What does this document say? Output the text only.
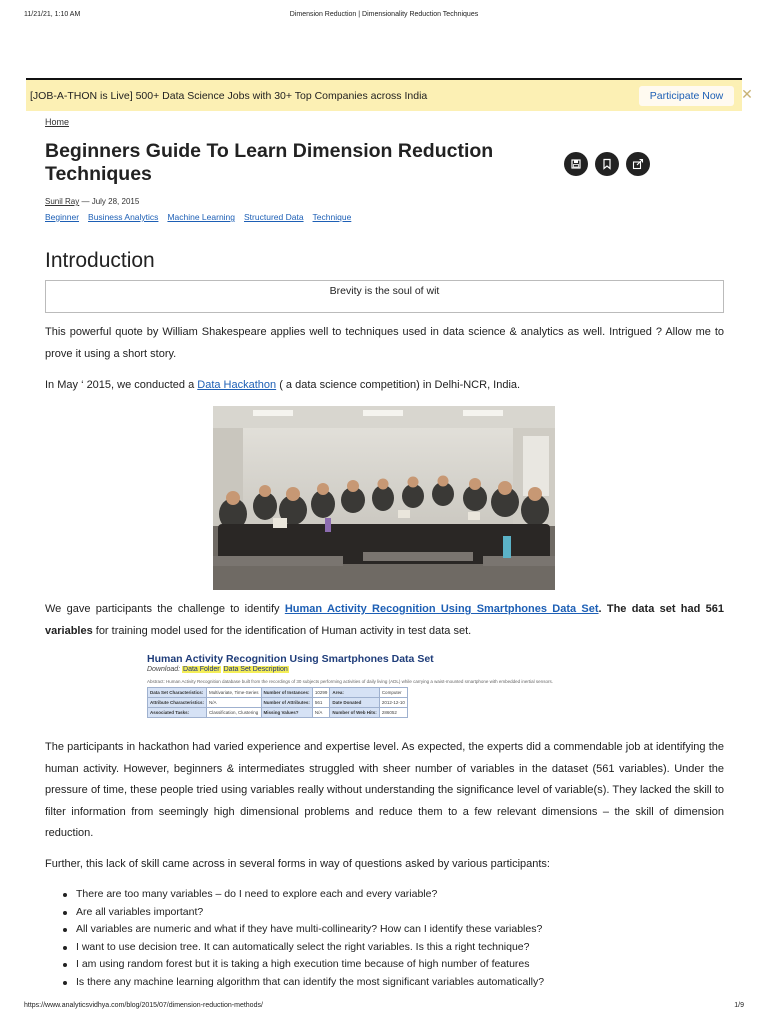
11/21/21, 1:10 AM	Dimension Reduction | Dimensionality Reduction Techniques
[JOB-A-THON is Live] 500+ Data Science Jobs with 30+ Top Companies across India	Participate Now	✕
Home
Beginners Guide To Learn Dimension Reduction Techniques
Sunil Ray — July 28, 2015
Beginner Business Analytics Machine Learning Structured Data Technique
Introduction
Brevity is the soul of wit

This powerful quote by William Shakespeare applies well to techniques used in data science & analytics as well. Intrigued ? Allow me to prove it using a short story.

In May ‘ 2015, we conducted a Data Hackathon ( a data science competition) in Delhi-NCR, India.

We gave participants the challenge to identify Human Activity Recognition Using Smartphones Data Set. The data set had 561 variables for training model used for the identification of Human activity in test data set.

Human Activity Recognition Using Smartphones Data Set
Download: Data Folder Data Set Description
Abstract: Human Activity Recognition database built from the recordings of 30 subjects performing activities of daily living (ADL) while carrying a waist-mounted smartphone with embedded inertial sensors.
Data Set Characteristics:	Multivariate, Time-Series	Number of Instances:	10299	Area:	Computer
Attribute Characteristics:	N/A	Number of Attributes:	561	Date Donated	2012-12-10
Associated Tasks:	Classification, Clustering	Missing Values?	N/A	Number of Web Hits:	286052

The participants in hackathon had varied experience and expertise level. As expected, the experts did a commendable job at identifying the human activity. However, beginners & intermediates struggled with sheer number of variables in the dataset (561 variables). Under the pressure of time, these people tried using variables really without understanding the significance level of variable(s). They lacked the skill to filter information from seemingly high dimensional problems and reduce them to a few relevant dimensions – the skill of dimension reduction.

Further, this lack of skill came across in several forms in way of questions asked by various participants:

There are too many variables – do I need to explore each and every variable?
Are all variables important?
All variables are numeric and what if they have multi-collinearity? How can I identify these variables?
I want to use decision tree. It can automatically select the right variables. Is this a right technique?
I am using random forest but it is taking a high execution time because of high number of features
Is there any machine learning algorithm that can identify the most significant variables automatically?
https://www.analyticsvidhya.com/blog/2015/07/dimension-reduction-methods/	1/9
